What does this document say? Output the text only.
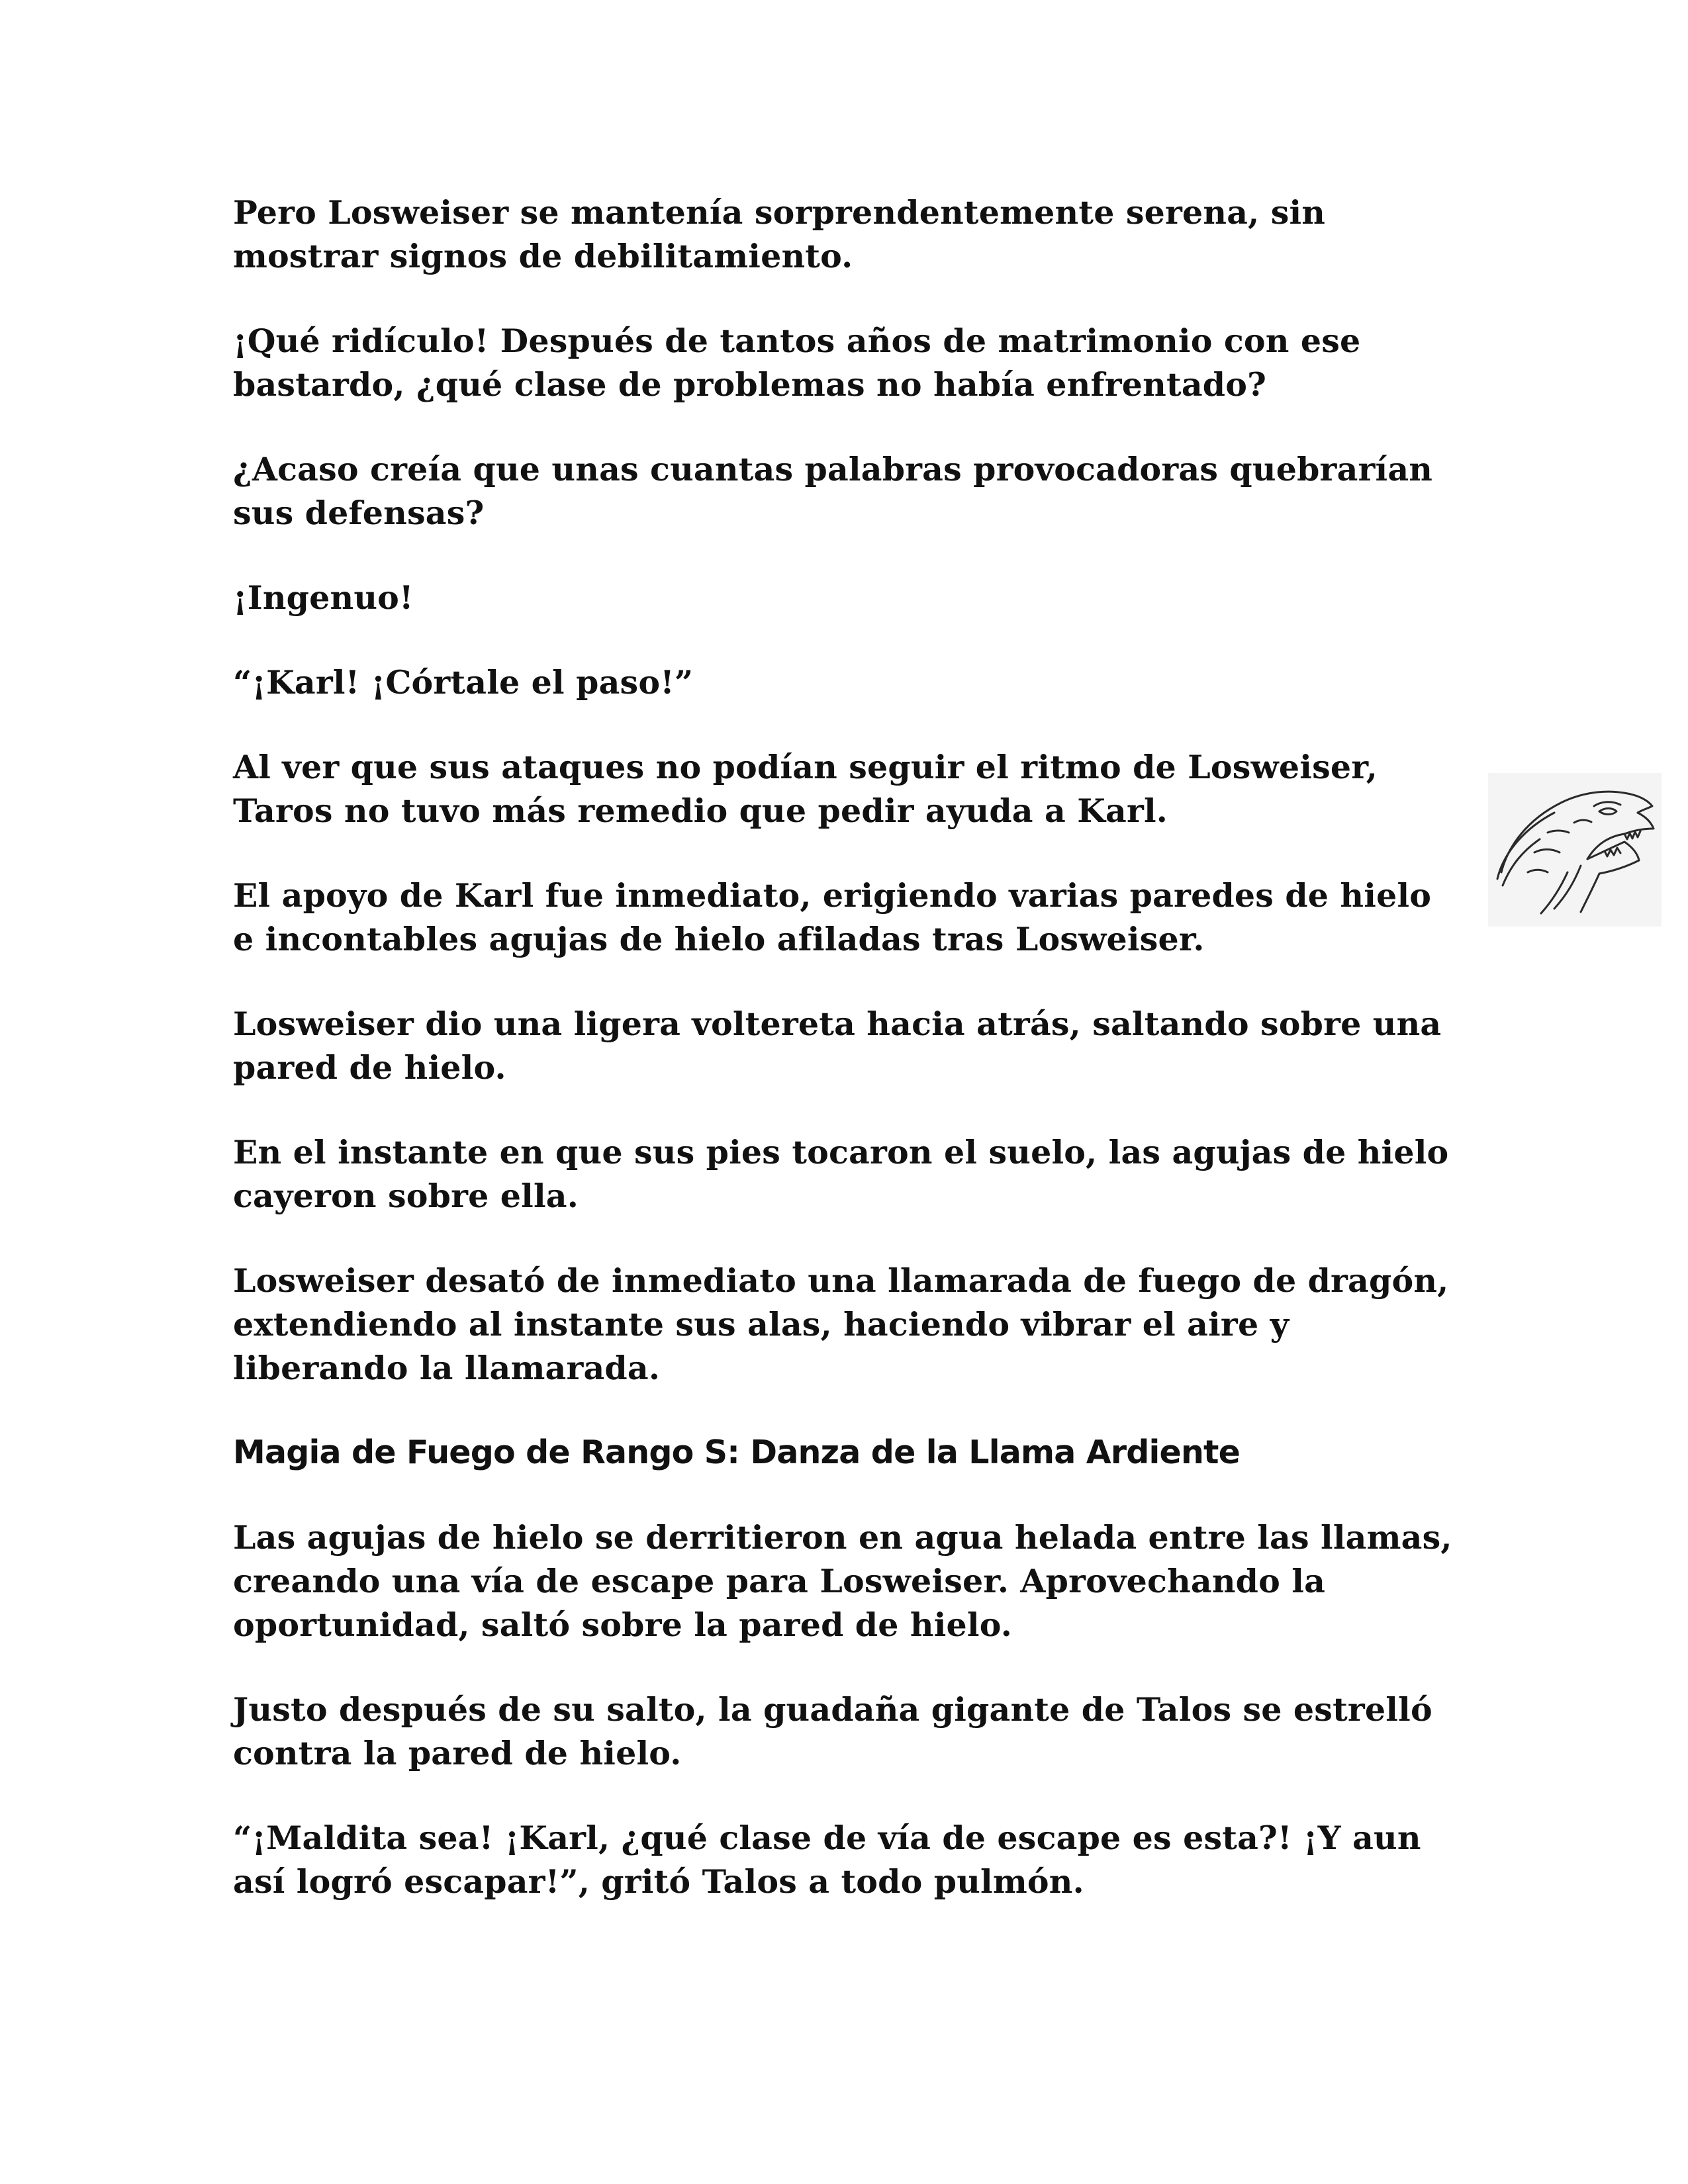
Pero Losweiser se mantenía sorprendentemente serena, sin mostrar signos de debilitamiento.

¡Qué ridículo! Después de tantos años de matrimonio con ese bastardo, ¿qué clase de problemas no había enfrentado?

¿Acaso creía que unas cuantas palabras provocadoras quebrarían sus defensas?

¡Ingenuo!

“¡Karl! ¡Córtale el paso!”

Al ver que sus ataques no podían seguir el ritmo de Losweiser, Taros no tuvo más remedio que pedir ayuda a Karl.

El apoyo de Karl fue inmediato, erigiendo varias paredes de hielo e incontables agujas de hielo afiladas tras Losweiser.

Losweiser dio una ligera voltereta hacia atrás, saltando sobre una pared de hielo.

En el instante en que sus pies tocaron el suelo, las agujas de hielo cayeron sobre ella.

Losweiser desató de inmediato una llamarada de fuego de dragón, extendiendo al instante sus alas, haciendo vibrar el aire y liberando la llamarada.

Magia de Fuego de Rango S: Danza de la Llama Ardiente

Las agujas de hielo se derritieron en agua helada entre las llamas, creando una vía de escape para Losweiser. Aprovechando la oportunidad, saltó sobre la pared de hielo.

Justo después de su salto, la guadaña gigante de Talos se estrelló contra la pared de hielo.

“¡Maldita sea! ¡Karl, ¿qué clase de vía de escape es esta?! ¡Y aun así logró escapar!”, gritó Talos a todo pulmón.
